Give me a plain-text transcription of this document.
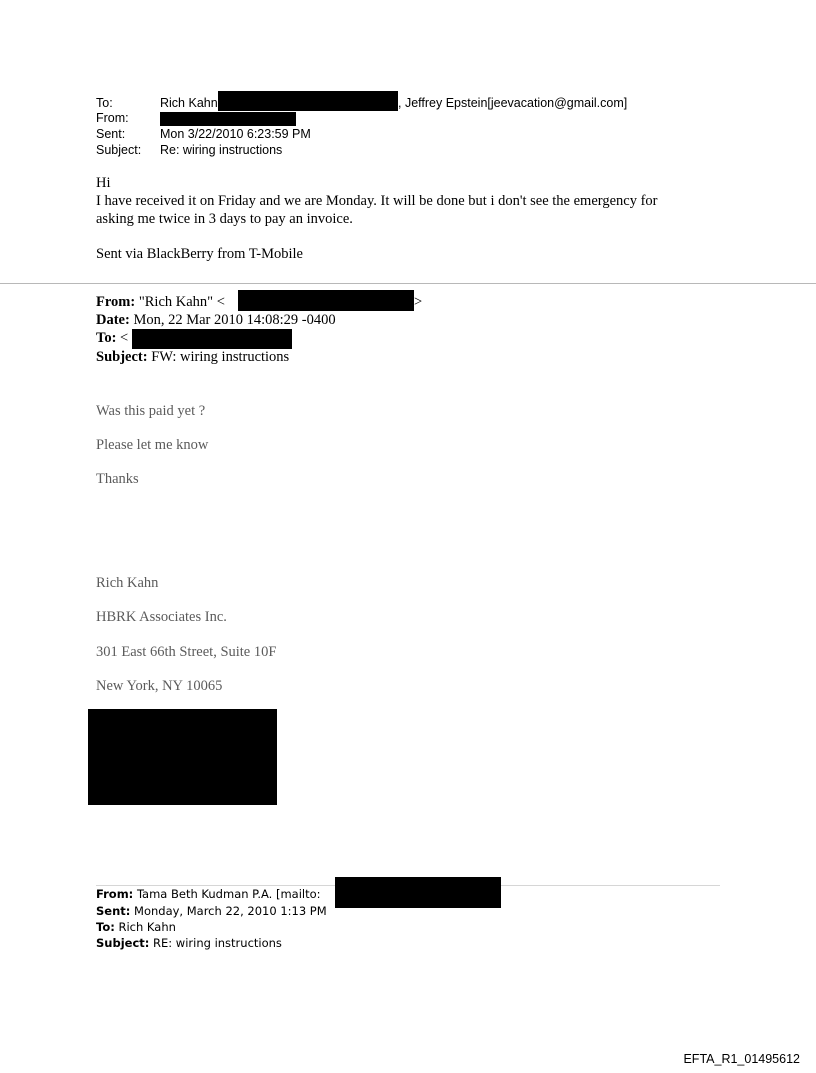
To:	Rich Kahn	, Jeffrey Epstein[jeevacation@gmail.com]
From:
Sent:	Mon 3/22/2010 6:23:59 PM
Subject: Re: wiring instructions
Hi
I have received it on Friday and we are Monday. It will be done but i don't see the emergency for
asking me twice in 3 days to pay an invoice.
Sent via BlackBerry from T-Mobile
From: "Rich Kahn" <	>
Date: Mon, 22 Mar 2010 14:08:29 -0400
To: <
Subject: FW: wiring instructions
Was this paid yet ?
Please let me know
Thanks
Rich Kahn
HBRK Associates Inc.
301 East 66th Street, Suite 10F
New York, NY 10065
From: Tama Beth Kudman P.A. [mailto:
Sent: Monday, March 22, 2010 1:13 PM
To: Rich Kahn
Subject: RE: wiring instructions
EFTA_R1_01495612
